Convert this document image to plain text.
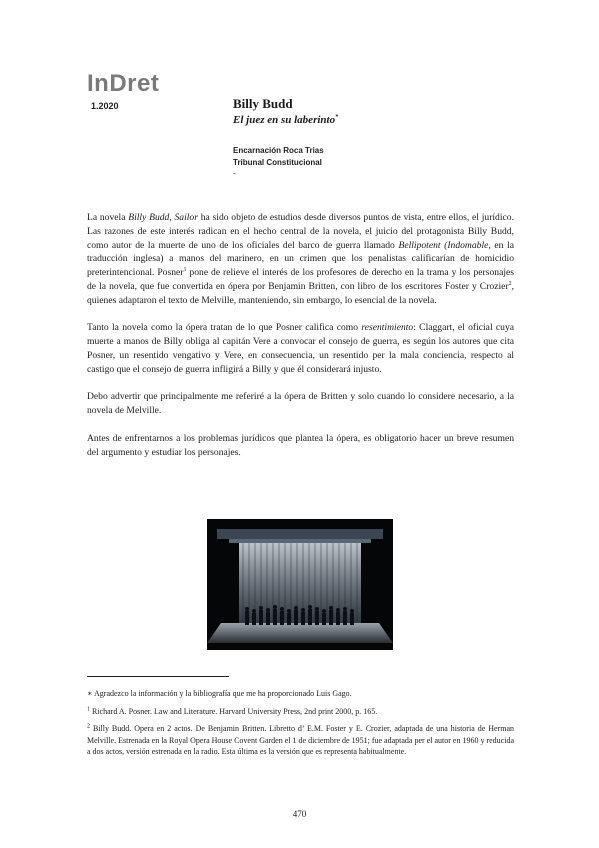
InDret
1.2020	Billy Budd
El juez en su laberinto*
Encarnación Roca Trias
Tribunal Constitucional
-

La novela Billy Budd, Sailor ha sido objeto de estudios desde diversos puntos de vista, entre ellos, el jurídico. Las razones de este interés radican en el hecho central de la novela, el juicio del protagonista Billy Budd, como autor de la muerte de uno de los oficiales del barco de guerra llamado Bellipotent (Indomable, en la traducción inglesa) a manos del marinero, en un crimen que los penalistas calificarían de homicidio preterintencional. Posner$^1$ pone de relieve el interés de los profesores de derecho en la trama y los personajes de la novela, que fue convertida en ópera por Benjamin Britten, con libro de los escritores Foster y Crozier$^2$, quienes adaptaron el texto de Melville, manteniendo, sin embargo, lo esencial de la novela.

Tanto la novela como la ópera tratan de lo que Posner califica como resentimiento: Claggart, el oficial cuya muerte a manos de Billy obliga al capitán Vere a convocar el consejo de guerra, es según los autores que cita Posner, un resentido vengativo y Vere, en consecuencia, un resentido per la mala conciencia, respecto al castigo que el consejo de guerra infligirá a Billy y que él considerará injusto.

Debo advertir que principalmente me referiré a la ópera de Britten y solo cuando lo considere necesario, a la novela de Melville.

Antes de enfrentarnos a los problemas jurídicos que plantea la ópera, es obligatorio hacer un breve resumen del argumento y estudiar los personajes.

∗ Agradezco la información y la bibliografía que me ha proporcionado Luis Gago.

$^1$ Richard A. Posner. Law and Literature. Harvard University Press, 2nd print 2000, p. 165.

$^2$ Billy Budd. Opera en 2 actos. De Benjamin Britten. Libretto d’ E.M. Foster y E. Crozier, adaptada de una historia de Herman Melville. Estrenada en la Royal Opera House Covent Garden el 1 de diciembre de 1951; fue adaptada per el autor en 1960 y reducida a dos actos, versión estrenada en la radio. Esta última es la versión que es representa habitualmente.

470
